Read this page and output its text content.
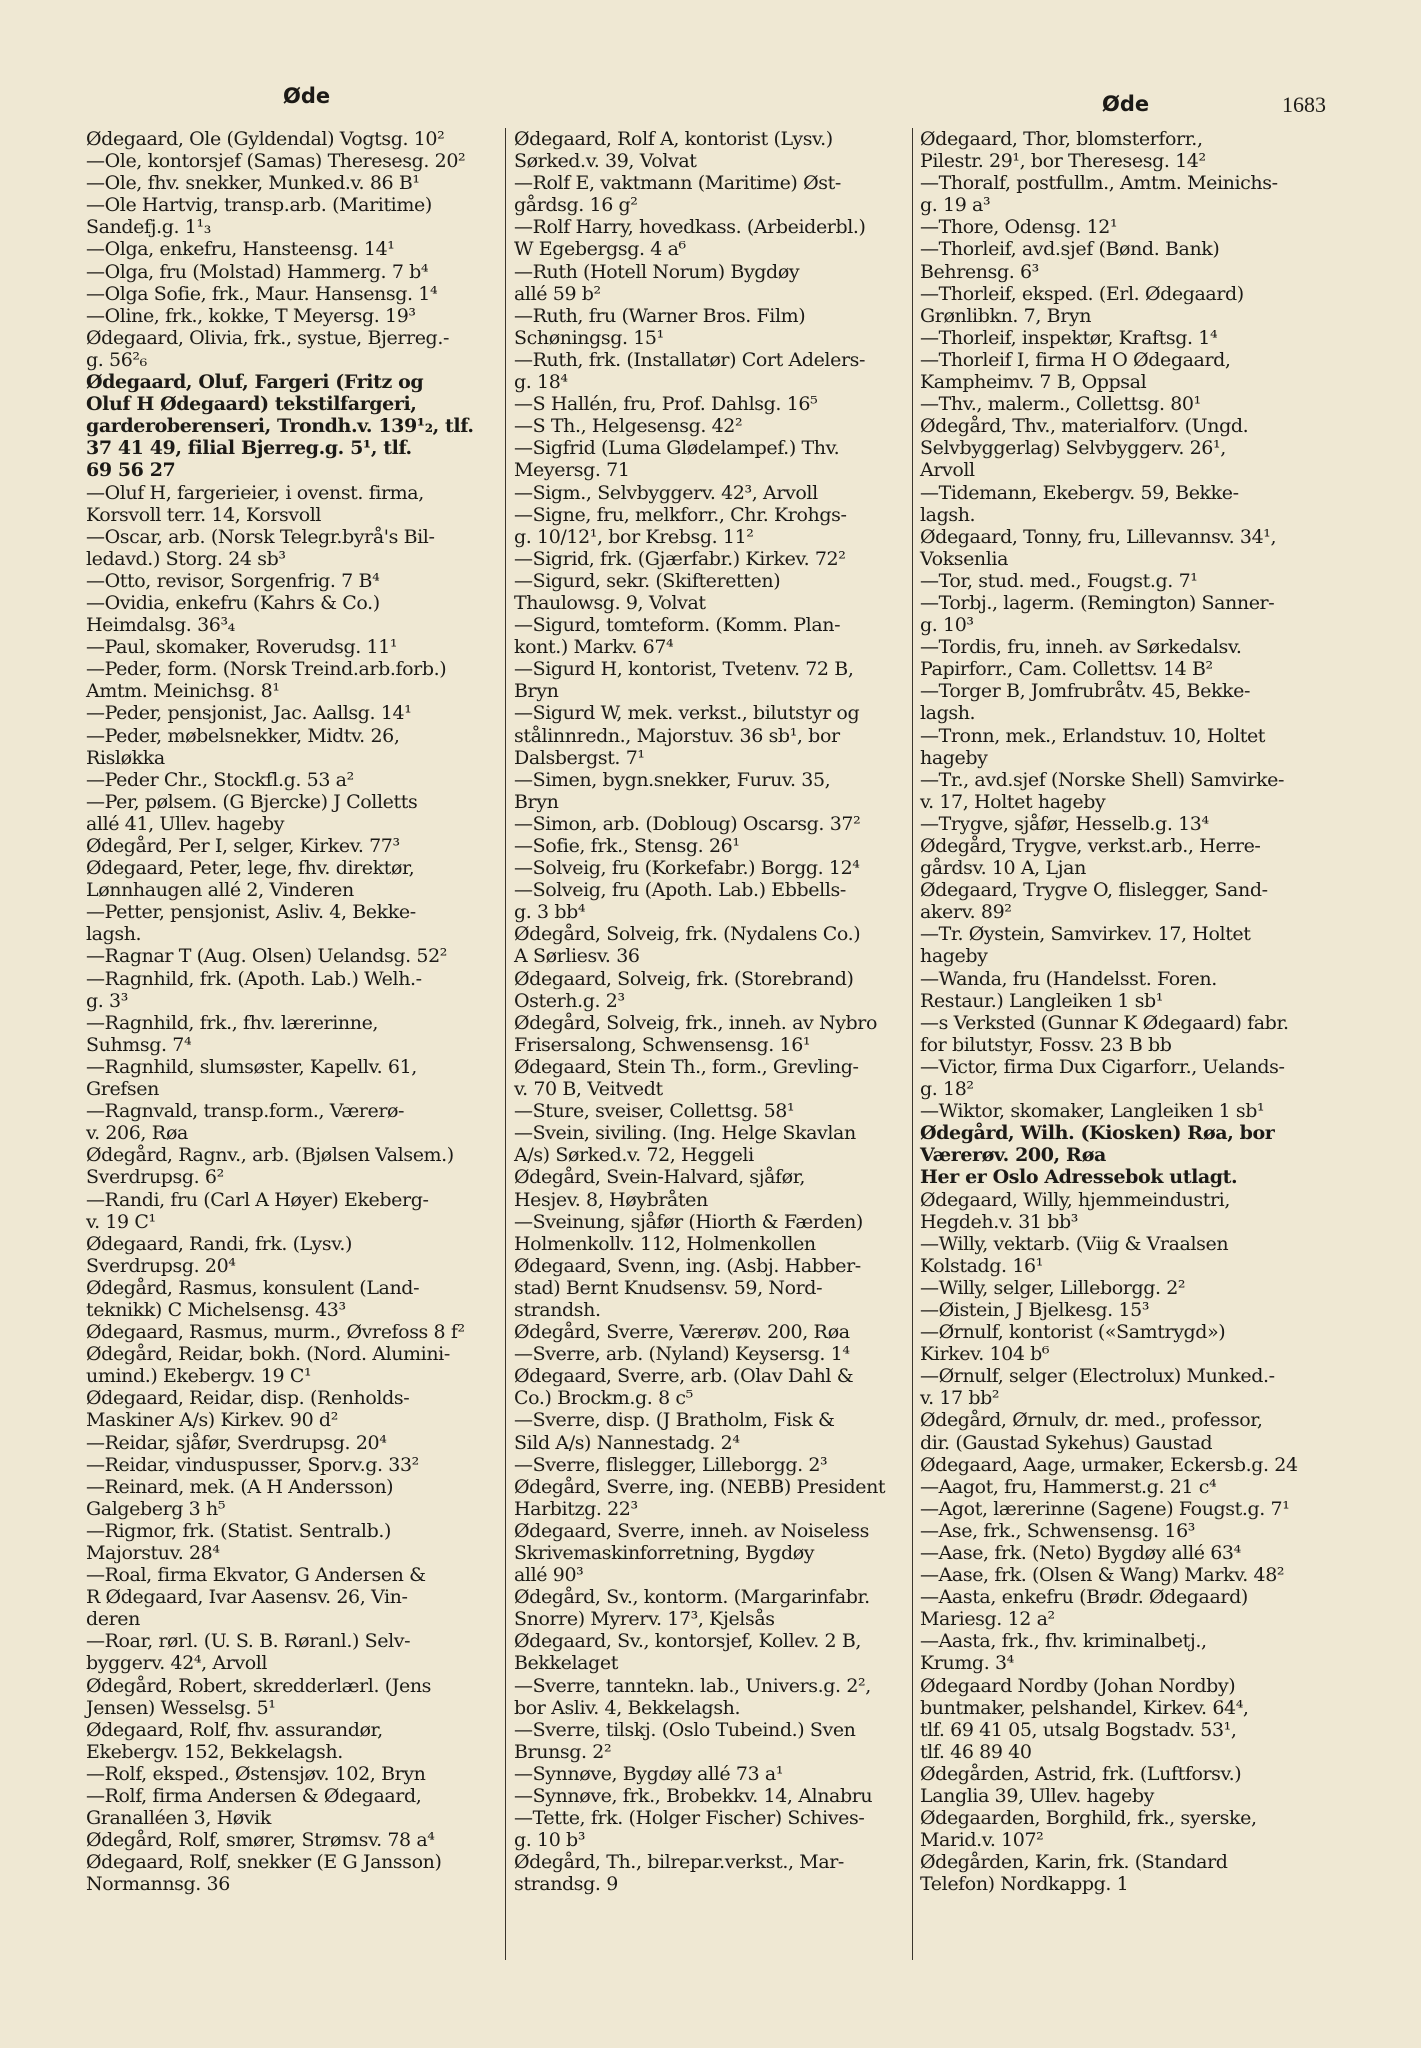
Øde	Øde	1683

Ødegaard, Ole (Gyldendal) Vogtsg. 10²

—Ole, kontorsjef (Samas) Theresesg. 20²

—Ole, fhv. snekker, Munked.v. 86 B¹

—Ole Hartvig, transp.arb. (Maritime)
Sandefj.g. 1¹₃

—Olga, enkefru, Hansteensg. 14¹

—Olga, fru (Molstad) Hammerg. 7 b⁴

—Olga Sofie, frk., Maur. Hansensg. 1⁴

—Oline, frk., kokke, T Meyersg. 19³

Ødegaard, Olivia, frk., systue, Bjerreg.-
g. 56²₆

Ødegaard, Oluf, Fargeri (Fritz og
Oluf H Ødegaard) tekstilfargeri,
garderoberenseri, Trondh.v. 139¹₂, tlf.
37 41 49, filial Bjerreg.g. 5¹, tlf.
69 56 27

—Oluf H, fargerieier, i ovenst. firma,
Korsvoll terr. 14, Korsvoll

—Oscar, arb. (Norsk Telegr.byrå's Bil-
ledavd.) Storg. 24 sb³

—Otto, revisor, Sorgenfrig. 7 B⁴

—Ovidia, enkefru (Kahrs & Co.)
Heimdalsg. 36³₄

—Paul, skomaker, Roverudsg. 11¹

—Peder, form. (Norsk Treind.arb.forb.)
Amtm. Meinichsg. 8¹

—Peder, pensjonist, Jac. Aallsg. 14¹

—Peder, møbelsnekker, Midtv. 26,
Risløkka

—Peder Chr., Stockfl.g. 53 a²

—Per, pølsem. (G Bjercke) J Colletts
allé 41, Ullev. hageby

Ødegård, Per I, selger, Kirkev. 77³

Ødegaard, Peter, lege, fhv. direktør,
Lønnhaugen allé 2, Vinderen

—Petter, pensjonist, Asliv. 4, Bekke-
lagsh.

—Ragnar T (Aug. Olsen) Uelandsg. 52²

—Ragnhild, frk. (Apoth. Lab.) Welh.-
g. 3³

—Ragnhild, frk., fhv. lærerinne,
Suhmsg. 7⁴

—Ragnhild, slumsøster, Kapellv. 61,
Grefsen

—Ragnvald, transp.form., Værerø-
v. 206, Røa

Ødegård, Ragnv., arb. (Bjølsen Valsem.)
Sverdrupsg. 6²

—Randi, fru (Carl A Høyer) Ekeberg-
v. 19 C¹

Ødegaard, Randi, frk. (Lysv.)
Sverdrupsg. 20⁴

Ødegård, Rasmus, konsulent (Land-
teknikk) C Michelsensg. 43³

Ødegaard, Rasmus, murm., Øvrefoss 8 f²

Ødegård, Reidar, bokh. (Nord. Alumini-
umind.) Ekebergv. 19 C¹

Ødegaard, Reidar, disp. (Renholds-
Maskiner A/s) Kirkev. 90 d²

—Reidar, sjåfør, Sverdrupsg. 20⁴

—Reidar, vinduspusser, Sporv.g. 33²

—Reinard, mek. (A H Andersson)
Galgeberg 3 h⁵

—Rigmor, frk. (Statist. Sentralb.)
Majorstuv. 28⁴

—Roal, firma Ekvator, G Andersen &
R Ødegaard, Ivar Aasensv. 26, Vin-
deren

—Roar, rørl. (U. S. B. Røranl.) Selv-
byggerv. 42⁴, Arvoll

Ødegård, Robert, skredderlærl. (Jens
Jensen) Wesselsg. 5¹

Ødegaard, Rolf, fhv. assurandør,
Ekebergv. 152, Bekkelagsh.

—Rolf, eksped., Østensjøv. 102, Bryn

—Rolf, firma Andersen & Ødegaard,
Granalléen 3, Høvik

Ødegård, Rolf, smører, Strømsv. 78 a⁴

Ødegaard, Rolf, snekker (E G Jansson)
Normannsg. 36

Ødegaard, Rolf A, kontorist (Lysv.)
Sørked.v. 39, Volvat

—Rolf E, vaktmann (Maritime) Øst-
gårdsg. 16 g²

—Rolf Harry, hovedkass. (Arbeiderbl.)
W Egebergsg. 4 a⁶

—Ruth (Hotell Norum) Bygdøy
allé 59 b²

—Ruth, fru (Warner Bros. Film)
Schøningsg. 15¹

—Ruth, frk. (Installatør) Cort Adelers-
g. 18⁴

—S Hallén, fru, Prof. Dahlsg. 16⁵

—S Th., Helgesensg. 42²

—Sigfrid (Luma Glødelampef.) Thv.
Meyersg. 71

—Sigm., Selvbyggerv. 42³, Arvoll

—Signe, fru, melkforr., Chr. Krohgs-
g. 10/12¹, bor Krebsg. 11²

—Sigrid, frk. (Gjærfabr.) Kirkev. 72²

—Sigurd, sekr. (Skifteretten)
Thaulowsg. 9, Volvat

—Sigurd, tomteform. (Komm. Plan-
kont.) Markv. 67⁴

—Sigurd H, kontorist, Tvetenv. 72 B,
Bryn

—Sigurd W, mek. verkst., bilutstyr og
stålinnredn., Majorstuv. 36 sb¹, bor
Dalsbergst. 7¹

—Simen, bygn.snekker, Furuv. 35,
Bryn

—Simon, arb. (Dobloug) Oscarsg. 37²

—Sofie, frk., Stensg. 26¹

—Solveig, fru (Korkefabr.) Borgg. 12⁴

—Solveig, fru (Apoth. Lab.) Ebbells-
g. 3 bb⁴

Ødegård, Solveig, frk. (Nydalens Co.)
A Sørliesv. 36

Ødegaard, Solveig, frk. (Storebrand)
Osterh.g. 2³

Ødegård, Solveig, frk., inneh. av Nybro
Frisersalong, Schwensensg. 16¹

Ødegaard, Stein Th., form., Grevling-
v. 70 B, Veitvedt

—Sture, sveiser, Collettsg. 58¹

—Svein, siviling. (Ing. Helge Skavlan
A/s) Sørked.v. 72, Heggeli

Ødegård, Svein-Halvard, sjåfør,
Hesjev. 8, Høybråten

—Sveinung, sjåfør (Hiorth & Færden)
Holmenkollv. 112, Holmenkollen

Ødegaard, Svenn, ing. (Asbj. Habber-
stad) Bernt Knudsensv. 59, Nord-
strandsh.

Ødegård, Sverre, Værerøv. 200, Røa

—Sverre, arb. (Nyland) Keysersg. 1⁴

Ødegaard, Sverre, arb. (Olav Dahl &
Co.) Brockm.g. 8 c⁵

—Sverre, disp. (J Bratholm, Fisk &
Sild A/s) Nannestadg. 2⁴

—Sverre, flislegger, Lilleborgg. 2³

Ødegård, Sverre, ing. (NEBB) President
Harbitzg. 22³

Ødegaard, Sverre, inneh. av Noiseless
Skrivemaskinforretning, Bygdøy
allé 90³

Ødegård, Sv., kontorm. (Margarinfabr.
Snorre) Myrerv. 17³, Kjelsås

Ødegaard, Sv., kontorsjef, Kollev. 2 B,
Bekkelaget

—Sverre, tanntekn. lab., Univers.g. 2²,
bor Asliv. 4, Bekkelagsh.

—Sverre, tilskj. (Oslo Tubeind.) Sven
Brunsg. 2²

—Synnøve, Bygdøy allé 73 a¹

—Synnøve, frk., Brobekkv. 14, Alnabru

—Tette, frk. (Holger Fischer) Schives-
g. 10 b³

Ødegård, Th., bilrepar.verkst., Mar-
strandsg. 9

Ødegaard, Thor, blomsterforr.,
Pilestr. 29¹, bor Theresesg. 14²

—Thoralf, postfullm., Amtm. Meinichs-
g. 19 a³

—Thore, Odensg. 12¹

—Thorleif, avd.sjef (Bønd. Bank)
Behrensg. 6³

—Thorleif, eksped. (Erl. Ødegaard)
Grønlibkn. 7, Bryn

—Thorleif, inspektør, Kraftsg. 1⁴

—Thorleif I, firma H O Ødegaard,
Kampheimv. 7 B, Oppsal

—Thv., malerm., Collettsg. 80¹

Ødegård, Thv., materialforv. (Ungd.
Selvbyggerlag) Selvbyggerv. 26¹,
Arvoll

—Tidemann, Ekebergv. 59, Bekke-
lagsh.

Ødegaard, Tonny, fru, Lillevannsv. 34¹,
Voksenlia

—Tor, stud. med., Fougst.g. 7¹

—Torbj., lagerm. (Remington) Sanner-
g. 10³

—Tordis, fru, inneh. av Sørkedalsv.
Papirforr., Cam. Collettsv. 14 B²

—Torger B, Jomfrubråtv. 45, Bekke-
lagsh.

—Tronn, mek., Erlandstuv. 10, Holtet
hageby

—Tr., avd.sjef (Norske Shell) Samvirke-
v. 17, Holtet hageby

—Trygve, sjåfør, Hesselb.g. 13⁴

Ødegård, Trygve, verkst.arb., Herre-
gårdsv. 10 A, Ljan

Ødegaard, Trygve O, flislegger, Sand-
akerv. 89²

—Tr. Øystein, Samvirkev. 17, Holtet
hageby

—Wanda, fru (Handelsst. Foren.
Restaur.) Langleiken 1 sb¹

—s Verksted (Gunnar K Ødegaard) fabr.
for bilutstyr, Fossv. 23 B bb

—Victor, firma Dux Cigarforr., Uelands-
g. 18²

—Wiktor, skomaker, Langleiken 1 sb¹

Ødegård, Wilh. (Kiosken) Røa, bor
Værerøv. 200, Røa

Her er Oslo Adressebok utlagt.

Ødegaard, Willy, hjemmeindustri,
Hegdeh.v. 31 bb³

—Willy, vektarb. (Viig & Vraalsen
Kolstadg. 16¹

—Willy, selger, Lilleborgg. 2²

—Øistein, J Bjelkesg. 15³

—Ørnulf, kontorist («Samtrygd»)
Kirkev. 104 b⁶

—Ørnulf, selger (Electrolux) Munked.-
v. 17 bb²

Ødegård, Ørnulv, dr. med., professor,
dir. (Gaustad Sykehus) Gaustad

Ødegaard, Aage, urmaker, Eckersb.g. 24

—Aagot, fru, Hammerst.g. 21 c⁴

—Agot, lærerinne (Sagene) Fougst.g. 7¹

—Ase, frk., Schwensensg. 16³

—Aase, frk. (Neto) Bygdøy allé 63⁴

—Aase, frk. (Olsen & Wang) Markv. 48²

—Aasta, enkefru (Brødr. Ødegaard)
Mariesg. 12 a²

—Aasta, frk., fhv. kriminalbetj.,
Krumg. 3⁴

Ødegaard Nordby (Johan Nordby)
buntmaker, pelshandel, Kirkev. 64⁴,
tlf. 69 41 05, utsalg Bogstadv. 53¹,
tlf. 46 89 40

Ødegården, Astrid, frk. (Luftforsv.)
Langlia 39, Ullev. hageby

Ødegaarden, Borghild, frk., syerske,
Marid.v. 107²

Ødegården, Karin, frk. (Standard
Telefon) Nordkappg. 1
